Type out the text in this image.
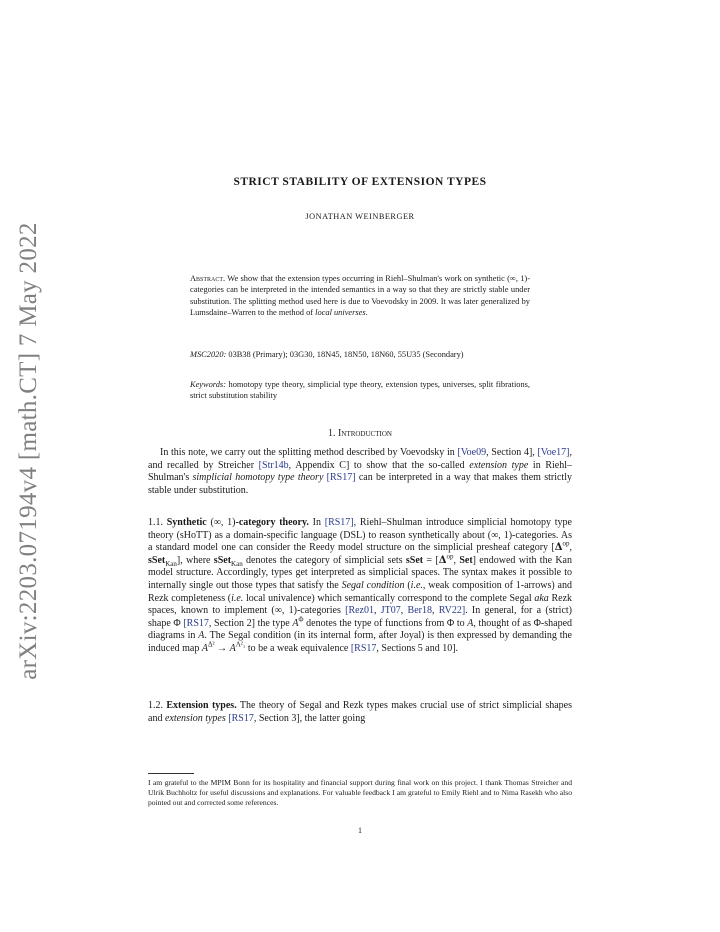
arXiv:2203.07194v4 [math.CT] 7 May 2022
STRICT STABILITY OF EXTENSION TYPES
JONATHAN WEINBERGER
Abstract. We show that the extension types occurring in Riehl–Shulman's work on synthetic (∞, 1)-categories can be interpreted in the intended semantics in a way so that they are strictly stable under substitution. The splitting method used here is due to Voevodsky in 2009. It was later generalized by Lumsdaine–Warren to the method of local universes.
MSC2020: 03B38 (Primary); 03G30, 18N45, 18N50, 18N60, 55U35 (Secondary)
Keywords: homotopy type theory, simplicial type theory, extension types, universes, split fibrations, strict substitution stability
1. Introduction
In this note, we carry out the splitting method described by Voevodsky in [Voe09, Section 4], [Voe17], and recalled by Streicher [Str14b, Appendix C] to show that the so-called extension type in Riehl–Shulman's simplicial homotopy type theory [RS17] can be interpreted in a way that makes them strictly stable under substitution.
1.1. Synthetic (∞, 1)-category theory. In [RS17], Riehl–Shulman introduce simplicial homotopy type theory (sHoTT) as a domain-specific language (DSL) to reason synthetically about (∞, 1)-categories. As a standard model one can consider the Reedy model structure on the simplicial presheaf category [𝚫$^{op}$, sSet$_{Kan}$], where sSet$_{Kan}$ denotes the category of simplicial sets sSet = [𝚫$^{op}$, Set] endowed with the Kan model structure. Accordingly, types get interpreted as simplicial spaces. The syntax makes it possible to internally single out those types that satisfy the Segal condition (i.e., weak composition of 1-arrows) and Rezk completeness (i.e. local univalence) which semantically correspond to the complete Segal aka Rezk spaces, known to implement (∞, 1)-categories [Rez01, JT07, Ber18, RV22]. In general, for a (strict) shape Φ [RS17, Section 2] the type $A^\Phi$ denotes the type of functions from Φ to A, thought of as Φ-shaped diagrams in A. The Segal condition (in its internal form, after Joyal) is then expressed by demanding the induced map $A^{\Delta^2} \to A^{\Lambda^2_1}$ to be a weak equivalence [RS17, Sections 5 and 10].
1.2. Extension types. The theory of Segal and Rezk types makes crucial use of strict simplicial shapes and extension types [RS17, Section 3], the latter going
I am grateful to the MPIM Bonn for its hospitality and financial support during final work on this project. I thank Thomas Streicher and Ulrik Buchholtz for useful discussions and explanations. For valuable feedback I am grateful to Emily Riehl and to Nima Rasekh who also pointed out and corrected some references.
1
